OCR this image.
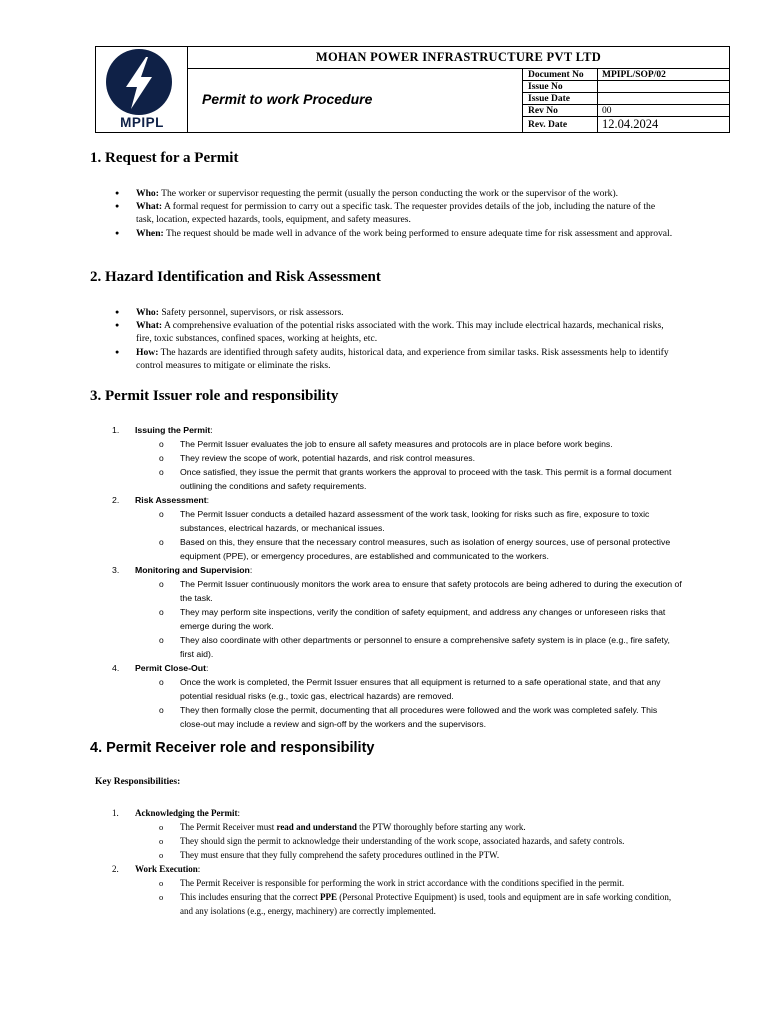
MPIPL
MOHAN POWER INFRASTRUCTURE PVT LTD
Permit to work Procedure
Document No	MPIPL/SOP/02
Issue No
Issue Date
Rev No	00
Rev. Date	12.04.2024
1. Request for a Permit
● Who: The worker or supervisor requesting the permit (usually the person conducting the work or the supervisor of the work).
● What: A formal request for permission to carry out a specific task. The requester provides details of the job, including the nature of the task, location, expected hazards, tools, equipment, and safety measures.
● When: The request should be made well in advance of the work being performed to ensure adequate time for risk assessment and approval.
2. Hazard Identification and Risk Assessment
● Who: Safety personnel, supervisors, or risk assessors.
● What: A comprehensive evaluation of the potential risks associated with the work. This may include electrical hazards, mechanical risks, fire, toxic substances, confined spaces, working at heights, etc.
● How: The hazards are identified through safety audits, historical data, and experience from similar tasks. Risk assessments help to identify control measures to mitigate or eliminate the risks.
3. Permit Issuer role and responsibility
1. Issuing the Permit:
o The Permit Issuer evaluates the job to ensure all safety measures and protocols are in place before work begins.
o They review the scope of work, potential hazards, and risk control measures.
o Once satisfied, they issue the permit that grants workers the approval to proceed with the task. This permit is a formal document outlining the conditions and safety requirements.
2. Risk Assessment:
o The Permit Issuer conducts a detailed hazard assessment of the work task, looking for risks such as fire, exposure to toxic substances, electrical hazards, or mechanical issues.
o Based on this, they ensure that the necessary control measures, such as isolation of energy sources, use of personal protective equipment (PPE), or emergency procedures, are established and communicated to the workers.
3. Monitoring and Supervision:
o The Permit Issuer continuously monitors the work area to ensure that safety protocols are being adhered to during the execution of the task.
o They may perform site inspections, verify the condition of safety equipment, and address any changes or unforeseen risks that emerge during the work.
o They also coordinate with other departments or personnel to ensure a comprehensive safety system is in place (e.g., fire safety, first aid).
4. Permit Close-Out:
o Once the work is completed, the Permit Issuer ensures that all equipment is returned to a safe operational state, and that any potential residual risks (e.g., toxic gas, electrical hazards) are removed.
o They then formally close the permit, documenting that all procedures were followed and the work was completed safely. This close-out may include a review and sign-off by the workers and the supervisors.
4. Permit Receiver role and responsibility
Key Responsibilities:
1. Acknowledging the Permit:
o The Permit Receiver must read and understand the PTW thoroughly before starting any work.
o They should sign the permit to acknowledge their understanding of the work scope, associated hazards, and safety controls.
o They must ensure that they fully comprehend the safety procedures outlined in the PTW.
2. Work Execution:
o The Permit Receiver is responsible for performing the work in strict accordance with the conditions specified in the permit.
o This includes ensuring that the correct PPE (Personal Protective Equipment) is used, tools and equipment are in safe working condition, and any isolations (e.g., energy, machinery) are correctly implemented.
